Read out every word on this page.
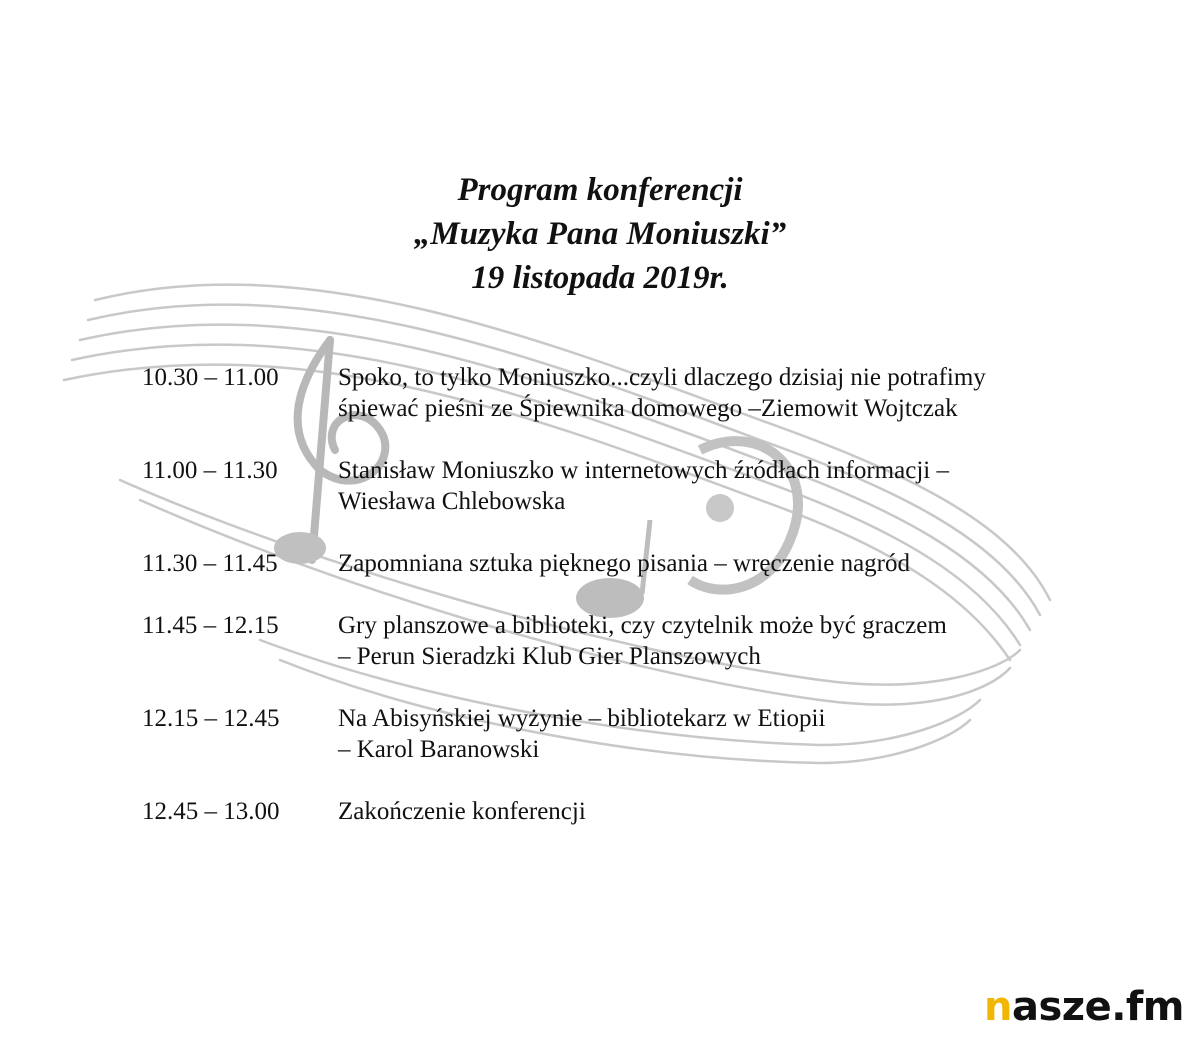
Program konferencji
„Muzyka Pana Moniuszki”
19 listopada 2019r.
10.30 – 11.00	Spoko, to tylko Moniuszko...czyli dlaczego dzisiaj nie potrafimy
śpiewać pieśni ze Śpiewnika domowego –Ziemowit Wojtczak
11.00 – 11.30	Stanisław Moniuszko w internetowych źródłach informacji –
Wiesława Chlebowska
11.30 – 11.45	Zapomniana sztuka pięknego pisania – wręczenie nagród
11.45 – 12.15	Gry planszowe a biblioteki, czy czytelnik może być graczem
– Perun Sieradzki Klub Gier Planszowych
12.15 – 12.45	Na Abisyńskiej wyżynie – bibliotekarz w Etiopii
– Karol Baranowski
12.45 – 13.00	Zakończenie konferencji
nasze.fm
